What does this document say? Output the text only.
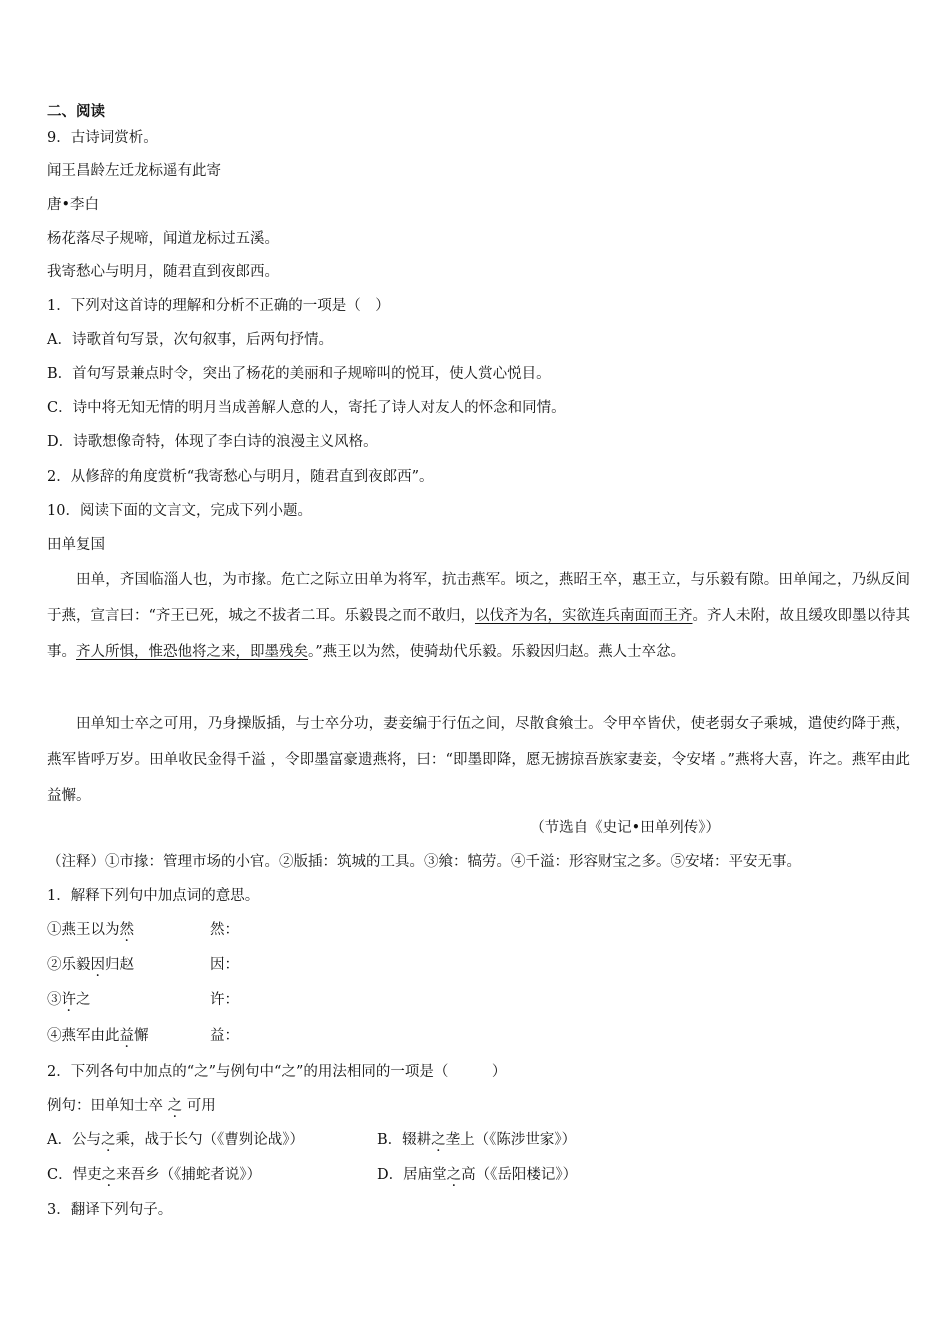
二、阅读
9．古诗词赏析。
闻王昌龄左迁龙标遥有此寄
唐•李白
杨花落尽子规啼，闻道龙标过五溪。
我寄愁心与明月，随君直到夜郎西。
1．下列对这首诗的理解和分析不正确的一项是（　）
A．诗歌首句写景，次句叙事，后两句抒情。
B．首句写景兼点时令，突出了杨花的美丽和子规啼叫的悦耳，使人赏心悦目。
C．诗中将无知无情的明月当成善解人意的人，寄托了诗人对友人的怀念和同情。
D．诗歌想像奇特，体现了李白诗的浪漫主义风格。
2．从修辞的角度赏析“我寄愁心与明月，随君直到夜郎西”。
10．阅读下面的文言文，完成下列小题。
田单复国
田单，齐国临淄人也，为市掾。危亡之际立田单为将军，抗击燕军。顷之，燕昭王卒，惠王立，与乐毅有隙。田单闻之，乃纵反间于燕，宣言曰：“齐王已死，城之不拔者二耳。乐毅畏之而不敢归，以伐齐为名，实欲连兵南面而王齐。齐人未附，故且缓攻即墨以待其事。齐人所惧，惟恐他将之来，即墨残矣。”燕王以为然，使骑劫代乐毅。乐毅因归赵。燕人士卒忿。
田单知士卒之可用，乃身操版插，与士卒分功，妻妾编于行伍之间，尽散食飨士。令甲卒皆伏，使老弱女子乘城，遣使约降于燕，燕军皆呼万岁。田单收民金得千溢 ，令即墨富豪遗燕将，曰：“即墨即降，愿无掳掠吾族家妻妾，令安堵 。”燕将大喜，许之。燕军由此益懈。
（节选自《史记•田单列传》）
（注释）①市掾：管理市场的小官。②版插：筑城的工具。③飨：犒劳。④千溢：形容财宝之多。⑤安堵：平安无事。
1．解释下列句中加点词的意思。
①燕王以为然	然：
②乐毅因归赵	因：
③许之	许：
④燕军由此益懈	益：
2．下列各句中加点的“之”与例句中“之”的用法相同的一项是（　　　）
例句：田单知士卒 之 可用
A．公与之乘，战于长勺（《曹刿论战》）	B．辍耕之垄上（《陈涉世家》）
C．悍吏之来吾乡（《捕蛇者说》）	D．居庙堂之高（《岳阳楼记》）
3．翻译下列句子。
